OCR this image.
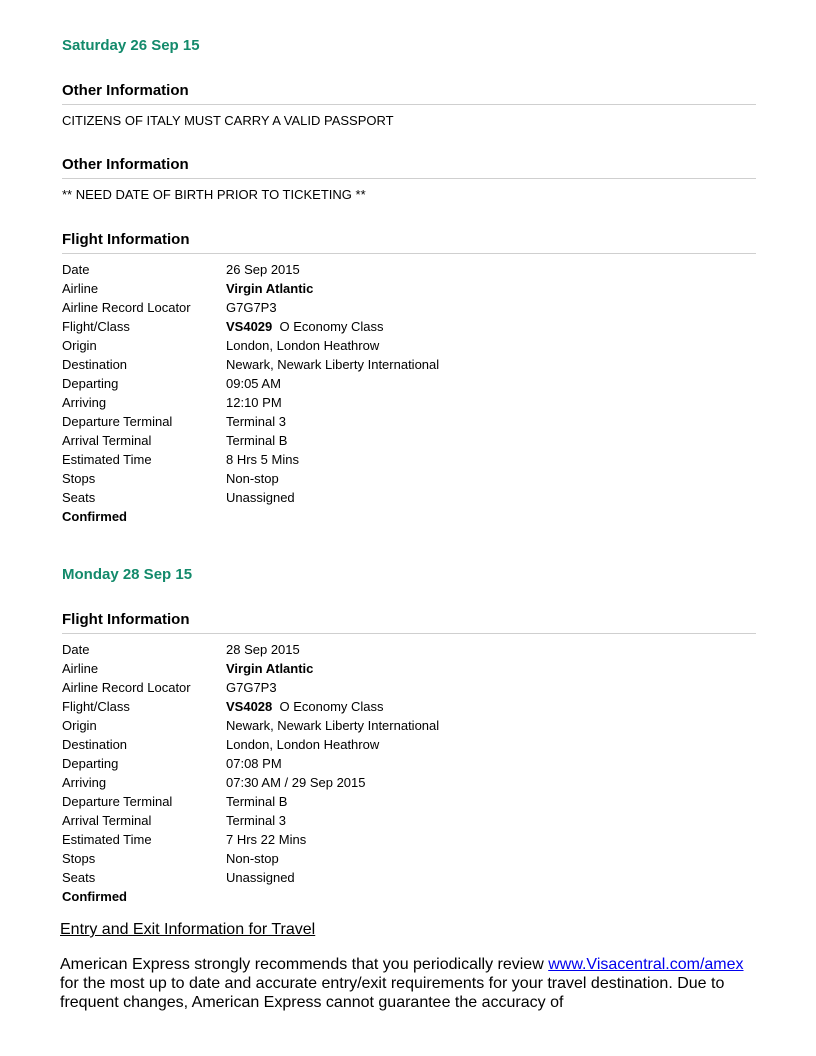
Saturday 26 Sep 15
Other Information

CITIZENS OF ITALY MUST CARRY A VALID PASSPORT

Other Information

** NEED DATE OF BIRTH PRIOR TO TICKETING **

Flight Information
Date	26 Sep 2015
Airline	Virgin Atlantic
Airline Record Locator	G7G7P3
Flight/Class	VS4029 O Economy Class
Origin	London, London Heathrow
Destination	Newark, Newark Liberty International
Departing	09:05 AM
Arriving	12:10 PM
Departure Terminal	Terminal 3
Arrival Terminal	Terminal B
Estimated Time	8 Hrs 5 Mins
Stops	Non-stop
Seats	Unassigned
Confirmed	
Monday 28 Sep 15
Flight Information
Date	28 Sep 2015
Airline	Virgin Atlantic
Airline Record Locator	G7G7P3
Flight/Class	VS4028 O Economy Class
Origin	Newark, Newark Liberty International
Destination	London, London Heathrow
Departing	07:08 PM
Arriving	07:30 AM / 29 Sep 2015
Departure Terminal	Terminal B
Arrival Terminal	Terminal 3
Estimated Time	7 Hrs 22 Mins
Stops	Non-stop
Seats	Unassigned
Confirmed	

Entry and Exit Information for Travel

American Express strongly recommends that you periodically review www.Visacentral.com/amex for the most up to date and accurate entry/exit requirements for your travel destination. Due to frequent changes, American Express cannot guarantee the accuracy of
